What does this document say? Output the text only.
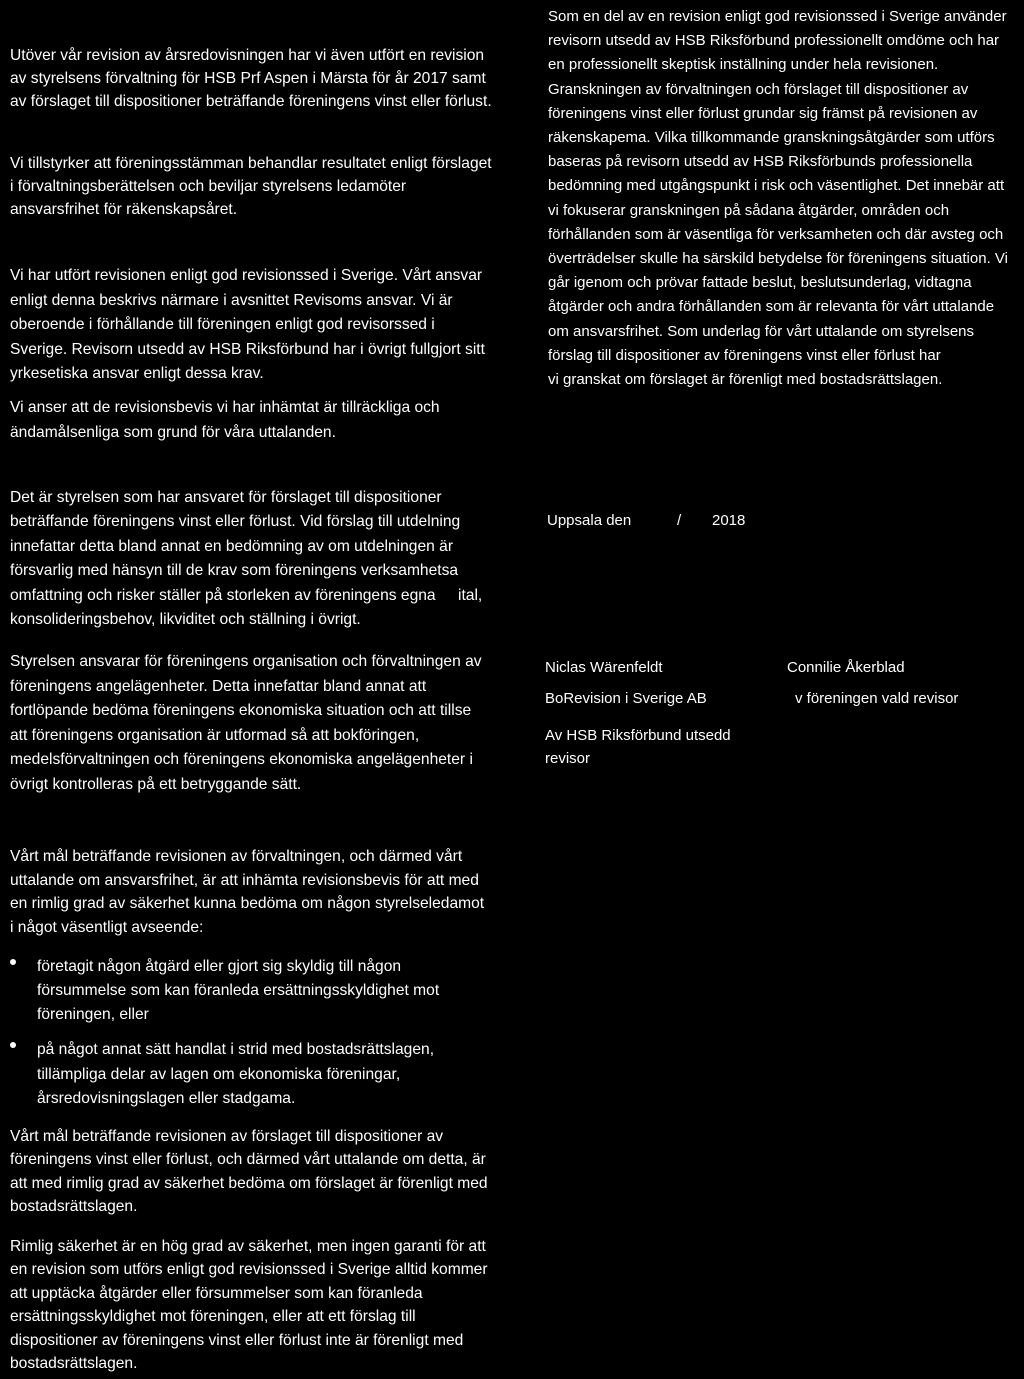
Utöver vår revision av årsredovisningen har vi även utfört en revision
av styrelsens förvaltning för HSB Prf Aspen i Märsta för år 2017 samt
av förslaget till dispositioner beträffande föreningens vinst eller förlust.
Vi tillstyrker att föreningsstämman behandlar resultatet enligt förslaget
i förvaltningsberättelsen och beviljar styrelsens ledamöter
ansvarsfrihet för räkenskapsåret.
Vi har utfört revisionen enligt god revisionssed i Sverige. Vårt ansvar
enligt denna beskrivs närmare i avsnittet Revisoms ansvar. Vi är
oberoende i förhållande till föreningen enligt god revisorssed i
Sverige. Revisorn utsedd av HSB Riksförbund har i övrigt fullgjort sitt
yrkesetiska ansvar enligt dessa krav.
Vi anser att de revisionsbevis vi har inhämtat är tillräckliga och
ändamålsenliga som grund för våra uttalanden.
Det är styrelsen som har ansvaret för förslaget till dispositioner
beträffande föreningens vinst eller förlust. Vid förslag till utdelning
innefattar detta bland annat en bedömning av om utdelningen är
försvarlig med hänsyn till de krav som föreningens verksamhetsa
omfattning och risker ställer på storleken av föreningens egna ital,
konsolideringsbehov, likviditet och ställning i övrigt.
Styrelsen ansvarar för föreningens organisation och förvaltningen av
föreningens angelägenheter. Detta innefattar bland annat att
fortlöpande bedöma föreningens ekonomiska situation och att tillse
att föreningens organisation är utformad så att bokföringen,
medelsförvaltningen och föreningens ekonomiska angelägenheter i
övrigt kontrolleras på ett betryggande sätt.
Vårt mål beträffande revisionen av förvaltningen, och därmed vårt
uttalande om ansvarsfrihet, är att inhämta revisionsbevis för att med
en rimlig grad av säkerhet kunna bedöma om någon styrelseledamot
i något väsentligt avseende:
företagit någon åtgärd eller gjort sig skyldig till någon
försummelse som kan föranleda ersättningsskyldighet mot
föreningen, eller
på något annat sätt handlat i strid med bostadsrättslagen,
tillämpliga delar av lagen om ekonomiska föreningar,
årsredovisningslagen eller stadgama.
Vårt mål beträffande revisionen av förslaget till dispositioner av
föreningens vinst eller förlust, och därmed vårt uttalande om detta, är
att med rimlig grad av säkerhet bedöma om förslaget är förenligt med
bostadsrättslagen.
Rimlig säkerhet är en hög grad av säkerhet, men ingen garanti för att
en revision som utförs enligt god revisionssed i Sverige alltid kommer
att upptäcka åtgärder eller försummelser som kan föranleda
ersättningsskyldighet mot föreningen, eller att ett förslag till
dispositioner av föreningens vinst eller förlust inte är förenligt med
bostadsrättslagen.
Som en del av en revision enligt god revisionssed i Sverige använder
revisorn utsedd av HSB Riksförbund professionellt omdöme och har
en professionellt skeptisk inställning under hela revisionen.
Granskningen av förvaltningen och förslaget till dispositioner av
föreningens vinst eller förlust grundar sig främst på revisionen av
räkenskapema. Vilka tillkommande granskningsåtgärder som utförs
baseras på revisorn utsedd av HSB Riksförbunds professionella
bedömning med utgångspunkt i risk och väsentlighet. Det innebär att
vi fokuserar granskningen på sådana åtgärder, områden och
förhållanden som är väsentliga för verksamheten och där avsteg och
överträdelser skulle ha särskild betydelse för föreningens situation. Vi
går igenom och prövar fattade beslut, beslutsunderlag, vidtagna
åtgärder och andra förhållanden som är relevanta för vårt uttalande
om ansvarsfrihet. Som underlag för vårt uttalande om styrelsens
förslag till dispositioner av föreningens vinst eller förlust har
vi granskat om förslaget är förenligt med bostadsrättslagen.
Uppsala den	/ 2018
Niclas Wärenfeldt	Connilie Åkerblad
BoRevision i Sverige AB	v föreningen vald revisor
Av HSB Riksförbund utsedd
revisor
